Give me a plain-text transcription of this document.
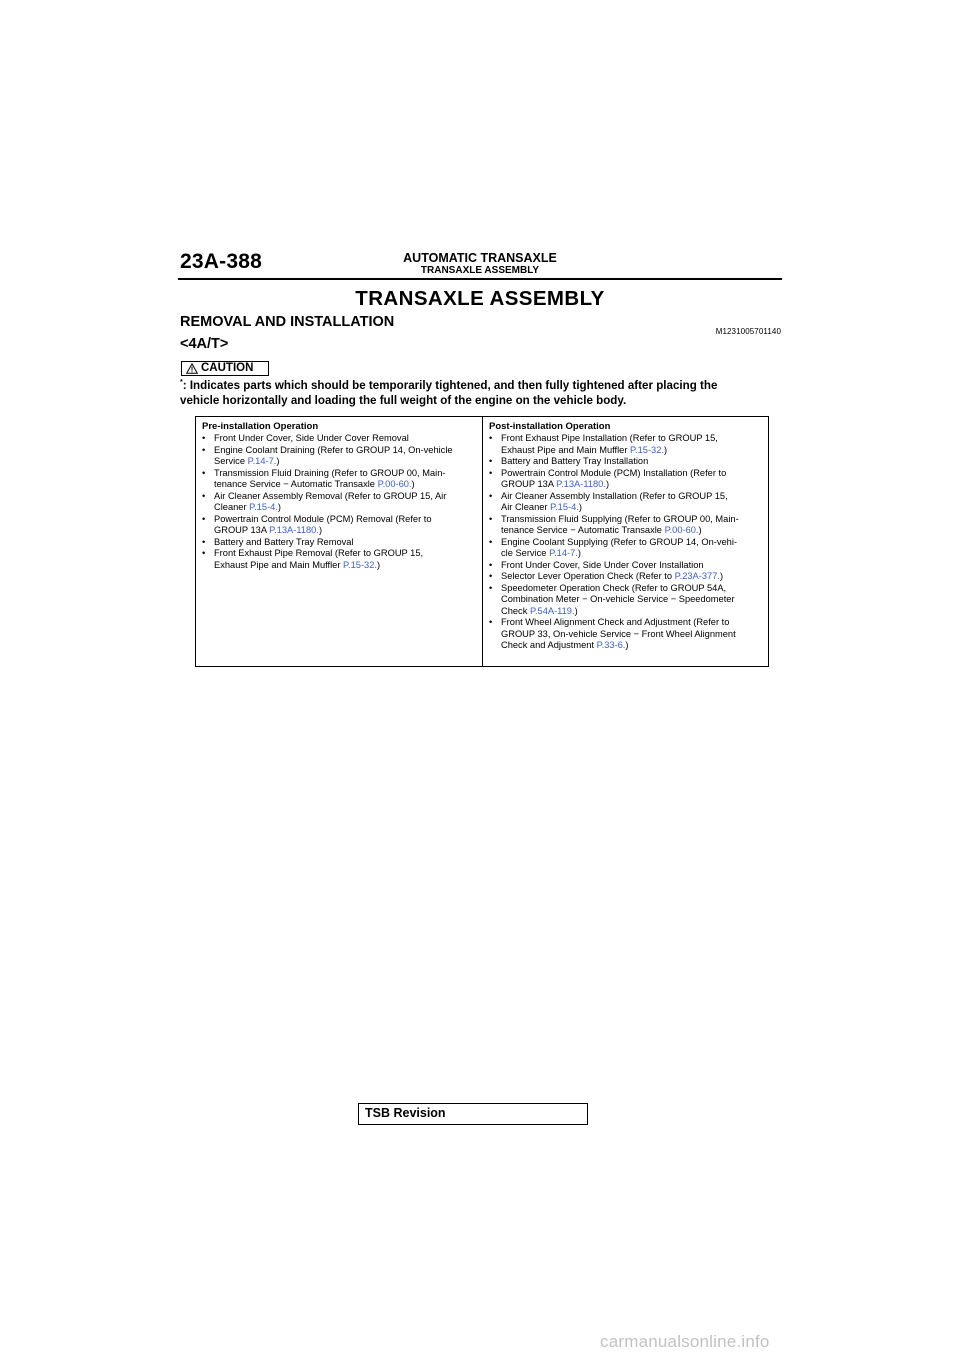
23A-388	AUTOMATIC TRANSAXLE
TRANSAXLE ASSEMBLY
TRANSAXLE ASSEMBLY
REMOVAL AND INSTALLATION
M1231005701140
<4A/T>
CAUTION
*: Indicates parts which should be temporarily tightened, and then fully tightened after placing the
vehicle horizontally and loading the full weight of the engine on the vehicle body.
Pre-installation Operation
• Front Under Cover, Side Under Cover Removal
• Engine Coolant Draining (Refer to GROUP 14, On-vehicle
Service P.14-7.)
• Transmission Fluid Draining (Refer to GROUP 00, Main-
tenance Service − Automatic Transaxle P.00-60.)
• Air Cleaner Assembly Removal (Refer to GROUP 15, Air
Cleaner P.15-4.)
• Powertrain Control Module (PCM) Removal (Refer to
GROUP 13A P.13A-1180.)
• Battery and Battery Tray Removal
• Front Exhaust Pipe Removal (Refer to GROUP 15,
Exhaust Pipe and Main Muffler P.15-32.)
Post-installation Operation
• Front Exhaust Pipe Installation (Refer to GROUP 15,
Exhaust Pipe and Main Muffler P.15-32.)
• Battery and Battery Tray Installation
• Powertrain Control Module (PCM) Installation (Refer to
GROUP 13A P.13A-1180.)
• Air Cleaner Assembly Installation (Refer to GROUP 15,
Air Cleaner P.15-4.)
• Transmission Fluid Supplying (Refer to GROUP 00, Main-
tenance Service − Automatic Transaxle P.00-60.)
• Engine Coolant Supplying (Refer to GROUP 14, On-vehi-
cle Service P.14-7.)
• Front Under Cover, Side Under Cover Installation
• Selector Lever Operation Check (Refer to P.23A-377.)
• Speedometer Operation Check (Refer to GROUP 54A,
Combination Meter − On-vehicle Service − Speedometer
Check P.54A-119.)
• Front Wheel Alignment Check and Adjustment (Refer to
GROUP 33, On-vehicle Service − Front Wheel Alignment
Check and Adjustment P.33-6.)
TSB Revision
carmanualsonline.info
